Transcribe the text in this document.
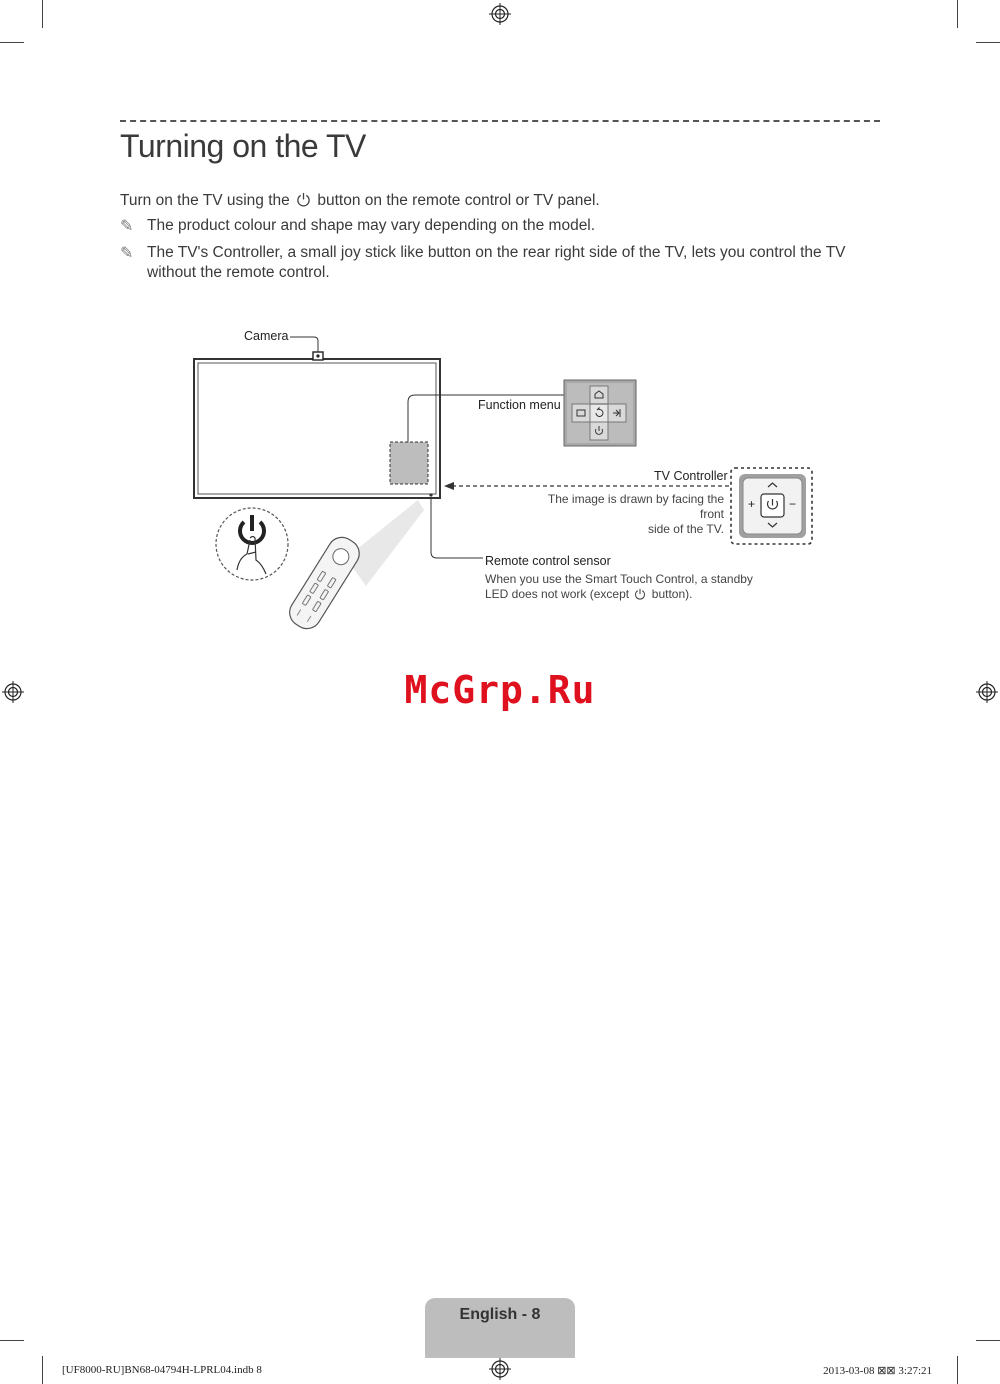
Turning on the TV

Turn on the TV using the button on the remote control or TV panel.

✎ The product colour and shape may vary depending on the model.

✎ The TV's Controller, a small joy stick like button on the rear right side of the TV, lets you control the TV without the remote control.

Camera
Function menu
TV Controller
The image is drawn by facing the front
side of the TV.
+	−
Remote control sensor
When you use the Smart Touch Control, a standby
LED does not work (except button).
McGrp.Ru
English - 8
[UF8000-RU]BN68-04794H-LPRL04.indb 8	2013-03-08 ⊠⊠ 3:27:21
